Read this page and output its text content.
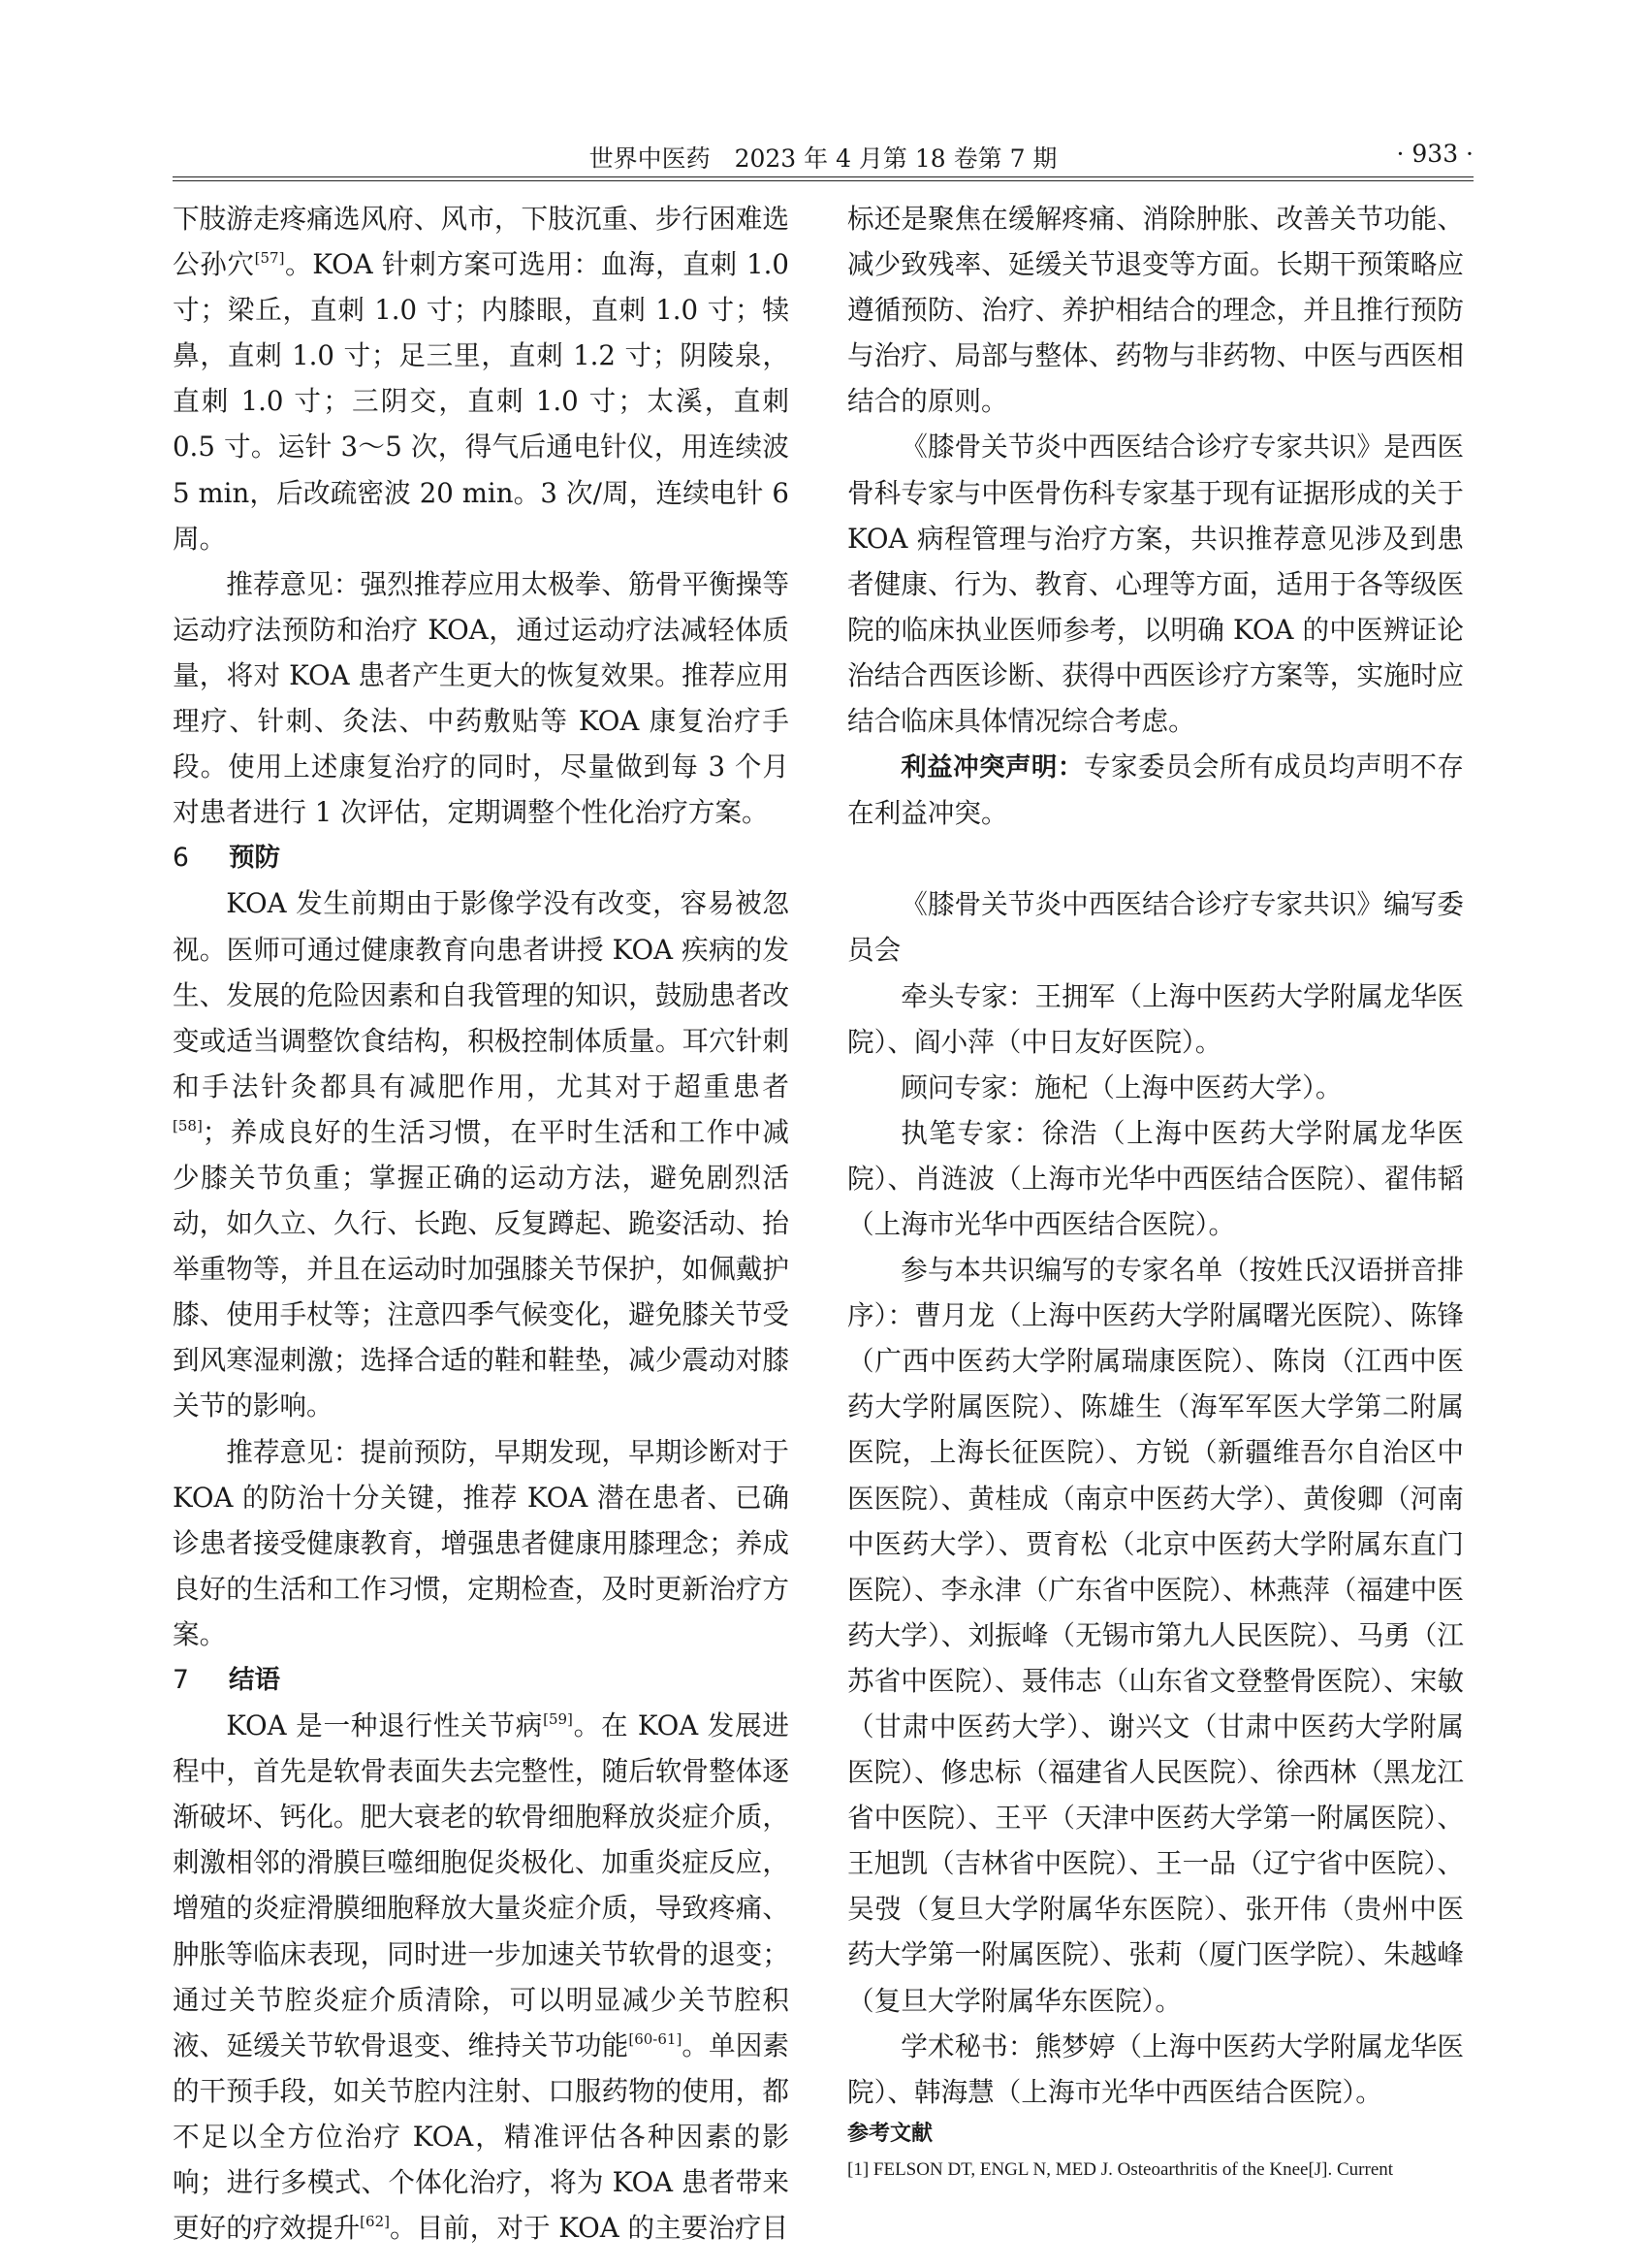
世界中医药　2023 年 4 月第 18 卷第 7 期	· 933 ·

下肢游走疼痛选风府、风市，下肢沉重、步行困难选公孙穴[57]。KOA 针刺方案可选用：血海，直刺 1.0 寸；梁丘，直刺 1.0 寸；内膝眼，直刺 1.0 寸；犊鼻，直刺 1.0 寸；足三里，直刺 1.2 寸；阴陵泉，直刺 1.0 寸；三阴交，直刺 1.0 寸；太溪，直刺 0.5 寸。运针 3～5 次，得气后通电针仪，用连续波 5 min，后改疏密波 20 min。3 次/周，连续电针 6 周。

推荐意见：强烈推荐应用太极拳、筋骨平衡操等运动疗法预防和治疗 KOA，通过运动疗法减轻体质量，将对 KOA 患者产生更大的恢复效果。推荐应用理疗、针刺、灸法、中药敷贴等 KOA 康复治疗手段。使用上述康复治疗的同时，尽量做到每 3 个月对患者进行 1 次评估，定期调整个性化治疗方案。

6 预防

KOA 发生前期由于影像学没有改变，容易被忽视。医师可通过健康教育向患者讲授 KOA 疾病的发生、发展的危险因素和自我管理的知识，鼓励患者改变或适当调整饮食结构，积极控制体质量。耳穴针刺和手法针灸都具有减肥作用，尤其对于超重患者[58]；养成良好的生活习惯，在平时生活和工作中减少膝关节负重；掌握正确的运动方法，避免剧烈活动，如久立、久行、长跑、反复蹲起、跪姿活动、抬举重物等，并且在运动时加强膝关节保护，如佩戴护膝、使用手杖等；注意四季气候变化，避免膝关节受到风寒湿刺激；选择合适的鞋和鞋垫，减少震动对膝关节的影响。

推荐意见：提前预防，早期发现，早期诊断对于 KOA 的防治十分关键，推荐 KOA 潜在患者、已确诊患者接受健康教育，增强患者健康用膝理念；养成良好的生活和工作习惯，定期检查，及时更新治疗方案。

7 结语

KOA 是一种退行性关节病[59]。在 KOA 发展进程中，首先是软骨表面失去完整性，随后软骨整体逐渐破坏、钙化。肥大衰老的软骨细胞释放炎症介质，刺激相邻的滑膜巨噬细胞促炎极化、加重炎症反应，增殖的炎症滑膜细胞释放大量炎症介质，导致疼痛、肿胀等临床表现，同时进一步加速关节软骨的退变；通过关节腔炎症介质清除，可以明显减少关节腔积液、延缓关节软骨退变、维持关节功能[60-61]。单因素的干预手段，如关节腔内注射、口服药物的使用，都不足以全方位治疗 KOA，精准评估各种因素的影响；进行多模式、个体化治疗，将为 KOA 患者带来更好的疗效提升[62]。目前，对于 KOA 的主要治疗目

标还是聚焦在缓解疼痛、消除肿胀、改善关节功能、减少致残率、延缓关节退变等方面。长期干预策略应遵循预防、治疗、养护相结合的理念，并且推行预防与治疗、局部与整体、药物与非药物、中医与西医相结合的原则。

《膝骨关节炎中西医结合诊疗专家共识》是西医骨科专家与中医骨伤科专家基于现有证据形成的关于 KOA 病程管理与治疗方案，共识推荐意见涉及到患者健康、行为、教育、心理等方面，适用于各等级医院的临床执业医师参考，以明确 KOA 的中医辨证论治结合西医诊断、获得中西医诊疗方案等，实施时应结合临床具体情况综合考虑。

利益冲突声明：专家委员会所有成员均声明不存在利益冲突。

《膝骨关节炎中西医结合诊疗专家共识》编写委员会

牵头专家：王拥军（上海中医药大学附属龙华医院）、阎小萍（中日友好医院）。

顾问专家：施杞（上海中医药大学）。

执笔专家：徐浩（上海中医药大学附属龙华医院）、肖涟波（上海市光华中西医结合医院）、翟伟韬（上海市光华中西医结合医院）。

参与本共识编写的专家名单（按姓氏汉语拼音排序）：曹月龙（上海中医药大学附属曙光医院）、陈锋（广西中医药大学附属瑞康医院）、陈岗（江西中医药大学附属医院）、陈雄生（海军军医大学第二附属医院，上海长征医院）、方锐（新疆维吾尔自治区中医医院）、黄桂成（南京中医药大学）、黄俊卿（河南中医药大学）、贾育松（北京中医药大学附属东直门医院）、李永津（广东省中医院）、林燕萍（福建中医药大学）、刘振峰（无锡市第九人民医院）、马勇（江苏省中医院）、聂伟志（山东省文登整骨医院）、宋敏（甘肃中医药大学）、谢兴文（甘肃中医药大学附属医院）、修忠标（福建省人民医院）、徐西林（黑龙江省中医院）、王平（天津中医药大学第一附属医院）、王旭凯（吉林省中医院）、王一品（辽宁省中医院）、吴弢（复旦大学附属华东医院）、张开伟（贵州中医药大学第一附属医院）、张莉（厦门医学院）、朱越峰（复旦大学附属华东医院）。

学术秘书：熊梦婷（上海中医药大学附属龙华医院）、韩海慧（上海市光华中西医结合医院）。

参考文献
[1] FELSON DT, ENGL N, MED J. Osteoarthritis of the Knee[J]. Current
